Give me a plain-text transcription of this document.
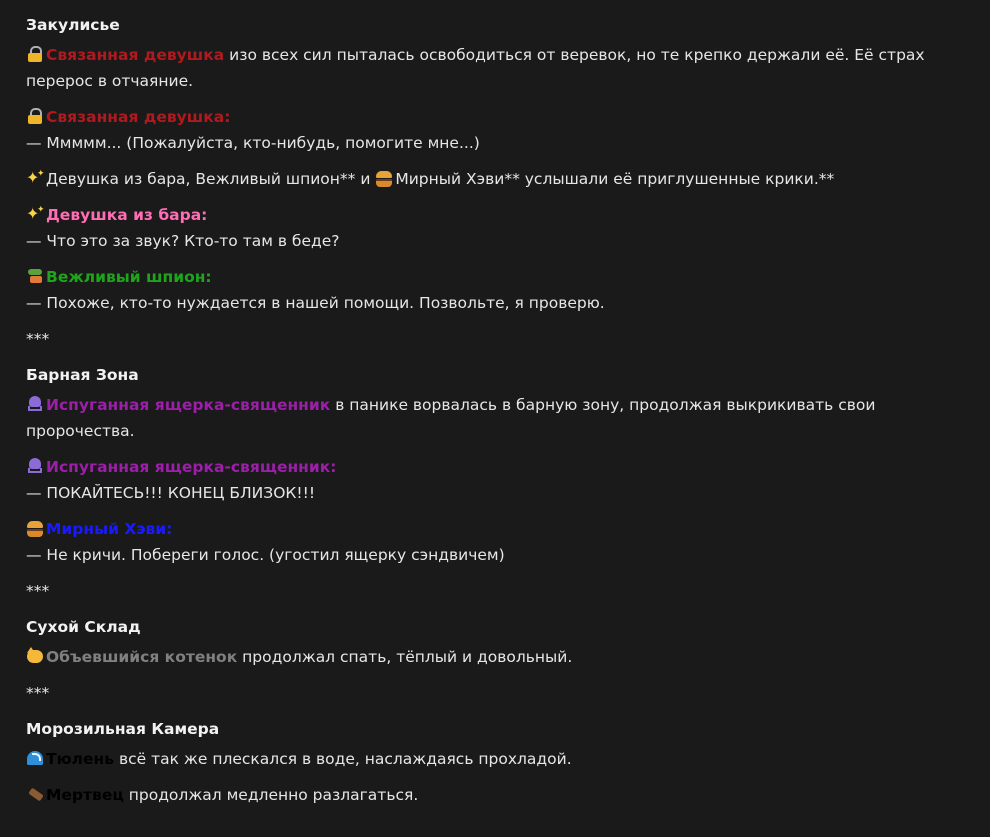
Закулисье
Связанная девушка изо всех сил пыталась освободиться от веревок, но те крепко держали её. Её страх перерос в отчаяние.
Связанная девушка:
— Ммммм... (Пожалуйста, кто-нибудь, помогите мне...)
✦ ✦Девушка из бара, Вежливый шпион** и Мирный Хэви** услышали её приглушенные крики.**
✦ ✦Девушка из бара:
— Что это за звук? Кто-то там в беде?
Вежливый шпион:
— Похоже, кто-то нуждается в нашей помощи. Позвольте, я проверю.
***
Барная Зона
Испуганная ящерка-священник в панике ворвалась в барную зону, продолжая выкрикивать свои пророчества.
Испуганная ящерка-священник:
— ПОКАЙТЕСЬ!!! КОНЕЦ БЛИЗОК!!!
Мирный Хэви:
— Не кричи. Побереги голос. (угостил ящерку сэндвичем)
***
Сухой Склад
Объевшийся котенок продолжал спать, тёплый и довольный.
***
Морозильная Камера
Тюлень всё так же плескался в воде, наслаждаясь прохладой.
Мертвец продолжал медленно разлагаться.
